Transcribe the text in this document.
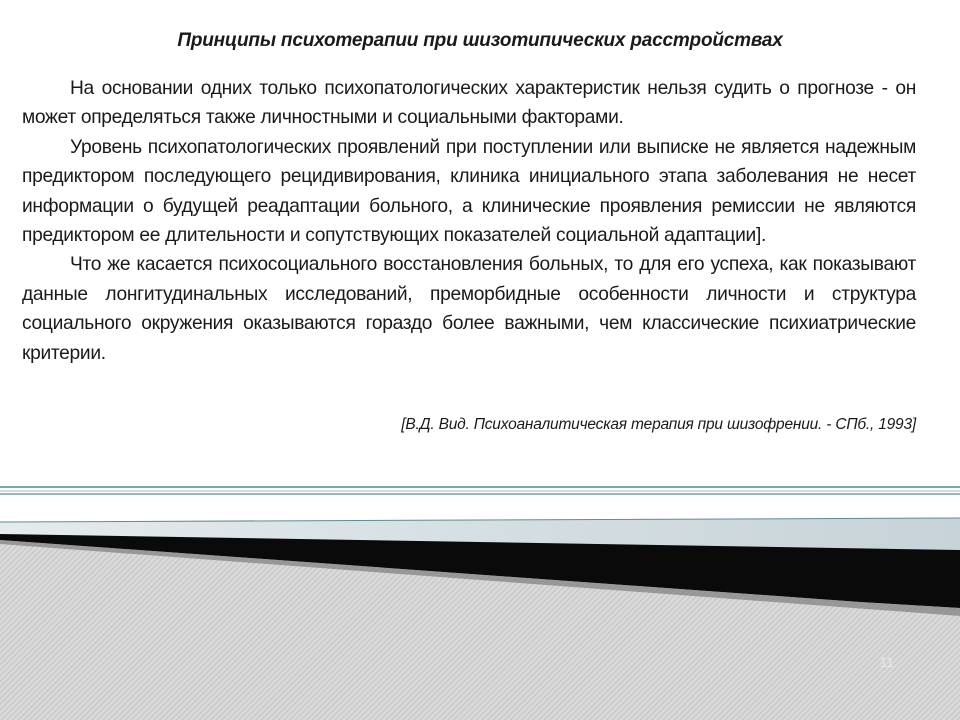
Принципы психотерапии при шизотипических расстройствах

На основании одних только психопатологических характеристик нельзя судить о прогнозе - он может определяться также личностными и социальными факторами.

Уровень психопатологических проявлений при поступлении или выписке не является надежным предиктором последующего рецидивирования, клиника инициального этапа заболевания не несет информации о будущей реадаптации больного, а клинические проявления ремиссии не являются предиктором ее длительности и сопутствующих показателей социальной адаптации].

Что же касается психосоциального восстановления больных, то для его успеха, как показывают данные лонгитудинальных исследований, преморбидные особенности личности и структура социального окружения оказываются гораздо более важными, чем классические психиатрические критерии.

[В.Д. Вид. Психоаналитическая терапия при шизофрении. - СПб., 1993]
11
